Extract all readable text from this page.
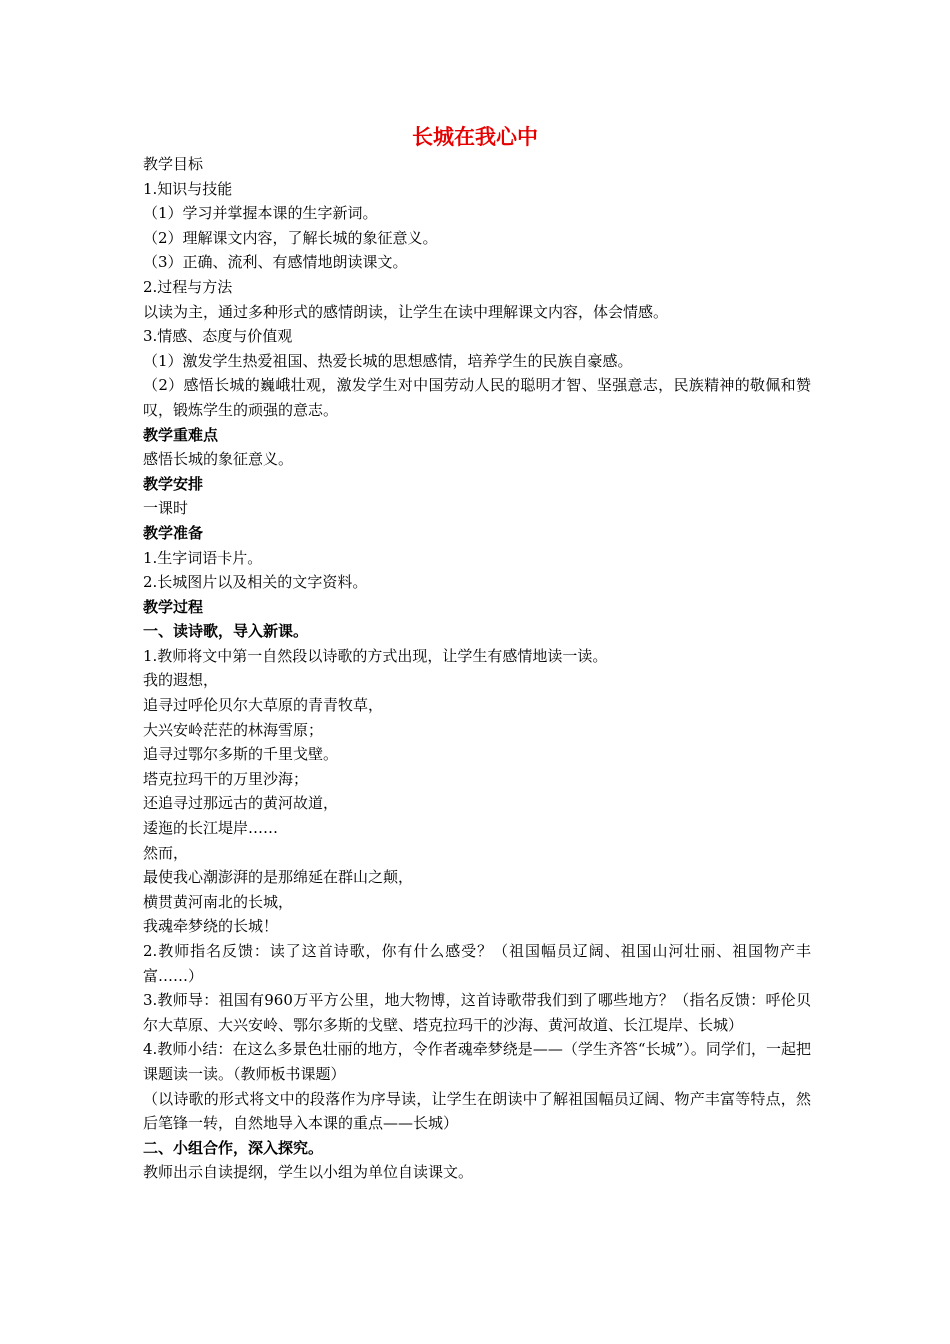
长城在我心中

教学目标

1.知识与技能

（1）学习并掌握本课的生字新词。

（2）理解课文内容，了解长城的象征意义。

（3）正确、流利、有感情地朗读课文。

2.过程与方法

以读为主，通过多种形式的感情朗读，让学生在读中理解课文内容，体会情感。

3.情感、态度与价值观

（1）激发学生热爱祖国、热爱长城的思想感情，培养学生的民族自豪感。

（2）感悟长城的巍峨壮观，激发学生对中国劳动人民的聪明才智、坚强意志，民族精神的敬佩和赞叹，锻炼学生的顽强的意志。

教学重难点

感悟长城的象征意义。

教学安排

一课时

教学准备

1.生字词语卡片。

2.长城图片以及相关的文字资料。

教学过程

一、读诗歌，导入新课。

1.教师将文中第一自然段以诗歌的方式出现，让学生有感情地读一读。

我的遐想，

追寻过呼伦贝尔大草原的青青牧草，

大兴安岭茫茫的林海雪原；

追寻过鄂尔多斯的千里戈壁。

塔克拉玛干的万里沙海；

还追寻过那远古的黄河故道，

逶迤的长江堤岸……

然而，

最使我心潮澎湃的是那绵延在群山之颠，

横贯黄河南北的长城，

我魂牵梦绕的长城！

2.教师指名反馈：读了这首诗歌，你有什么感受？（祖国幅员辽阔、祖国山河壮丽、祖国物产丰富……）

3.教师导：祖国有960万平方公里，地大物博，这首诗歌带我们到了哪些地方？（指名反馈：呼伦贝尔大草原、大兴安岭、鄂尔多斯的戈壁、塔克拉玛干的沙海、黄河故道、长江堤岸、长城）

4.教师小结：在这么多景色壮丽的地方，令作者魂牵梦绕是——（学生齐答“长城”）。同学们，一起把课题读一读。（教师板书课题）

（以诗歌的形式将文中的段落作为序导读，让学生在朗读中了解祖国幅员辽阔、物产丰富等特点，然后笔锋一转，自然地导入本课的重点——长城）

二、小组合作，深入探究。

教师出示自读提纲，学生以小组为单位自读课文。
